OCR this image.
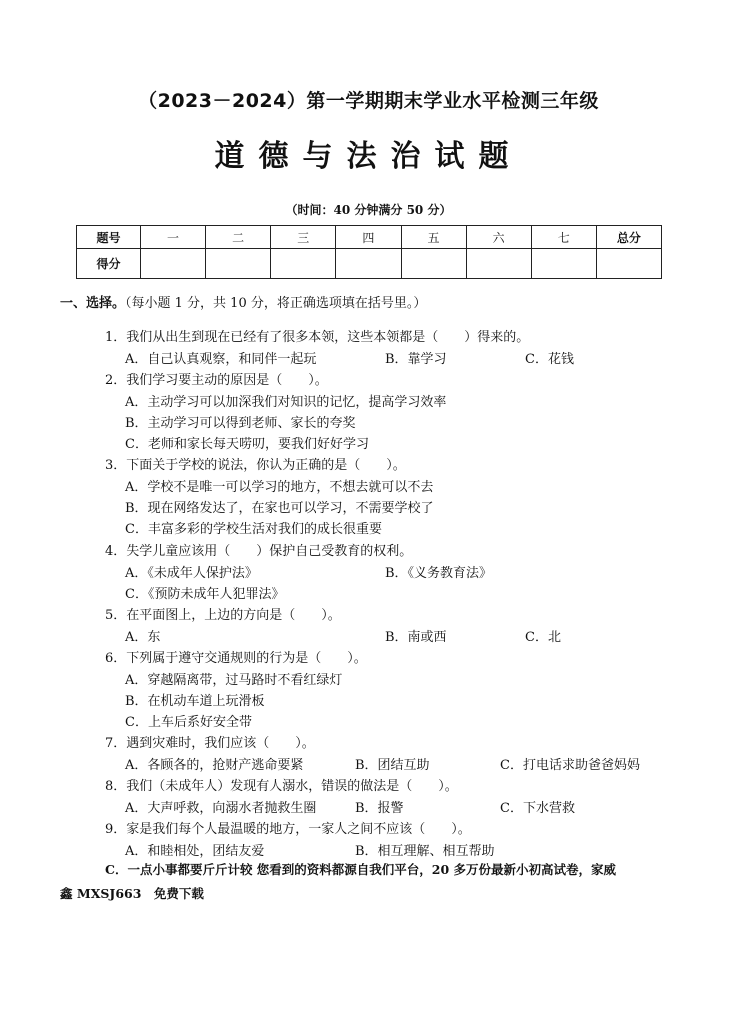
（2023－2024）第一学期期末学业水平检测三年级
道德与法治试题
（时间：40 分钟满分 50 分）
题号	一	二	三	四	五	六	七	总分
得分								
一、选择。（每小题 1 分，共 10 分，将正确选项填在括号里。）
1．我们从出生到现在已经有了很多本领，这些本领都是（　　）得来的。
A．自己认真观察，和同伴一起玩	B．靠学习	C．花钱
2．我们学习要主动的原因是（　　）。
A．主动学习可以加深我们对知识的记忆，提高学习效率
B．主动学习可以得到老师、家长的夸奖
C．老师和家长每天唠叨，要我们好好学习
3．下面关于学校的说法，你认为正确的是（　　）。
A．学校不是唯一可以学习的地方，不想去就可以不去
B．现在网络发达了，在家也可以学习，不需要学校了
C．丰富多彩的学校生活对我们的成长很重要
4．失学儿童应该用（　　）保护自己受教育的权利。
A．《未成年人保护法》	B．《义务教育法》
C．《预防未成年人犯罪法》
5．在平面图上，上边的方向是（　　）。
A．东	B．南或西	C．北
6．下列属于遵守交通规则的行为是（　　）。
A．穿越隔离带，过马路时不看红绿灯
B．在机动车道上玩滑板
C．上车后系好安全带
7．遇到灾难时，我们应该（　　）。
A．各顾各的，抢财产逃命要紧	B．团结互助	C．打电话求助爸爸妈妈
8．我们（未成年人）发现有人溺水，错误的做法是（　　）。
A．大声呼救，向溺水者抛救生圈	B．报警	C．下水营救
9．家是我们每个人最温暖的地方，一家人之间不应该（　　）。
A．和睦相处，团结友爱	B．相互理解、相互帮助
C．一点小事都要斤斤计较 您看到的资料都源自我们平台，20 多万份最新小初高试卷，家威
鑫 MXSJ663　免费下载
